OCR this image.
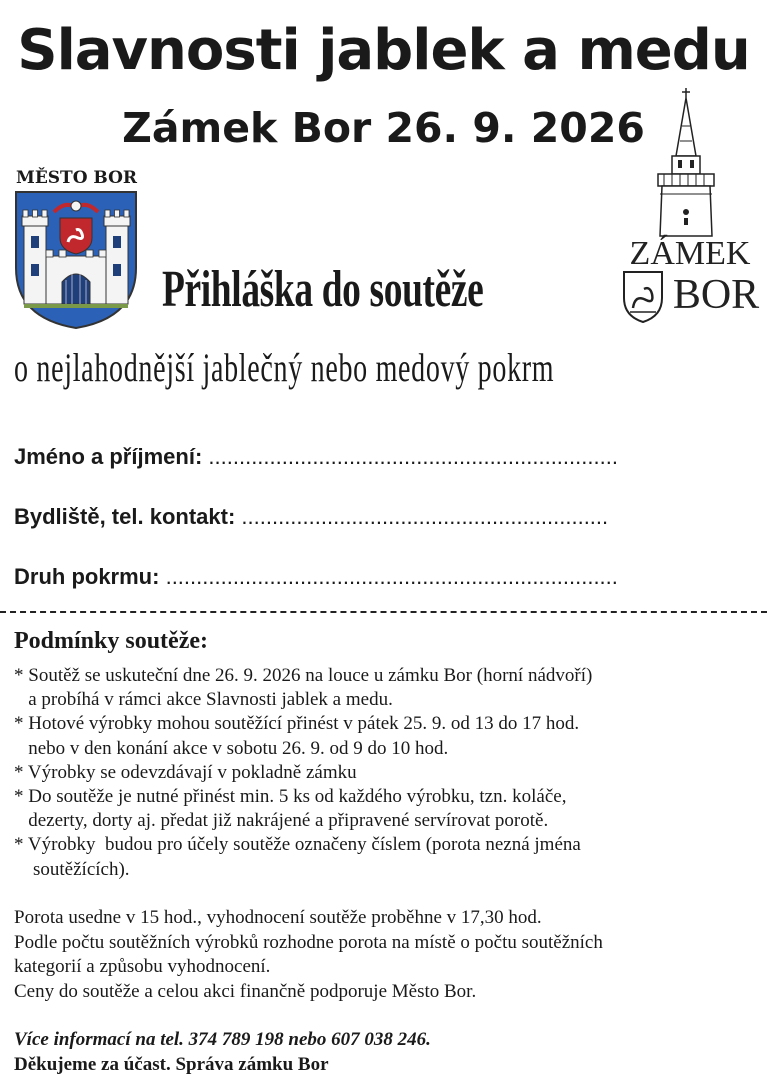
Slavnosti jablek a medu
Zámek Bor 26. 9. 2026
MĚSTO BOR
Přihláška do soutěže
o nejlahodnější jablečný nebo medový pokrm
ZÁMEK
BOR
Jméno a příjmení: ...................................................................
Bydliště, tel. kontakt: ............................................................
Druh pokrmu: ..........................................................................
Podmínky soutěže:
* Soutěž se uskuteční dne 26. 9. 2026 na louce u zámku Bor (horní nádvoří)
a probíhá v rámci akce Slavnosti jablek a medu.
* Hotové výrobky mohou soutěžící přinést v pátek 25. 9. od 13 do 17 hod.
nebo v den konání akce v sobotu 26. 9. od 9 do 10 hod.
* Výrobky se odevzdávají v pokladně zámku
* Do soutěže je nutné přinést min. 5 ks od každého výrobku, tzn. koláče,
dezerty, dorty aj. předat již nakrájené a připravené servírovat porotě.
* Výrobky  budou pro účely soutěže označeny číslem (porota nezná jména
soutěžících).
Porota usedne v 15 hod., vyhodnocení soutěže proběhne v 17,30 hod.
Podle počtu soutěžních výrobků rozhodne porota na místě o počtu soutěžních
kategorií a způsobu vyhodnocení.
Ceny do soutěže a celou akci finančně podporuje Město Bor.
Více informací na tel. 374 789 198 nebo 607 038 246.
Děkujeme za účast. Správa zámku Bor
